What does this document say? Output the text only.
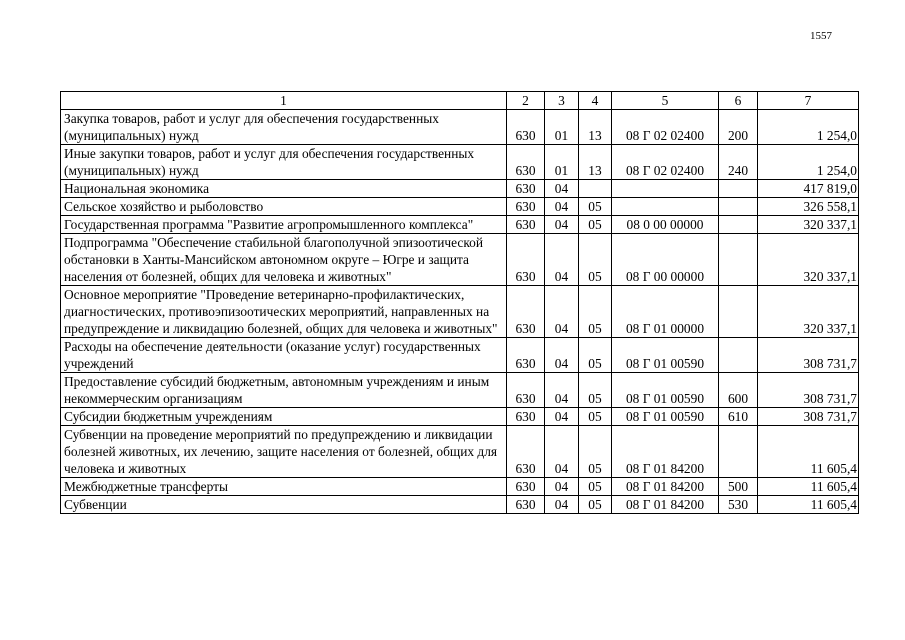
1557
1	2	3	4	5	6	7
Закупка товаров, работ и услуг для обеспечения государственных (муниципальных) нужд	630	01	13	08 Г 02 02400	200	1 254,0
Иные закупки товаров, работ и услуг для обеспечения государственных (муниципальных) нужд	630	01	13	08 Г 02 02400	240	1 254,0
Национальная экономика	630	04				417 819,0
Сельское хозяйство и рыболовство	630	04	05			326 558,1
Государственная программа "Развитие агропромышленного комплекса"	630	04	05	08 0 00 00000		320 337,1
Подпрограмма "Обеспечение стабильной благополучной эпизоотической обстановки в Ханты-Мансийском автономном округе – Югре и защита населения от болезней, общих для человека и животных"	630	04	05	08 Г 00 00000		320 337,1
Основное мероприятие "Проведение ветеринарно-профилактических, диагностических, противоэпизоотических мероприятий, направленных на предупреждение и ликвидацию болезней, общих для человека и животных"	630	04	05	08 Г 01 00000		320 337,1
Расходы на обеспечение деятельности (оказание услуг) государственных учреждений	630	04	05	08 Г 01 00590		308 731,7
Предоставление субсидий бюджетным, автономным учреждениям и иным некоммерческим организациям	630	04	05	08 Г 01 00590	600	308 731,7
Субсидии бюджетным учреждениям	630	04	05	08 Г 01 00590	610	308 731,7
Субвенции на проведение мероприятий по предупреждению и ликвидации болезней животных, их лечению, защите населения от болезней, общих для человека и животных	630	04	05	08 Г 01 84200		11 605,4
Межбюджетные трансферты	630	04	05	08 Г 01 84200	500	11 605,4
Субвенции	630	04	05	08 Г 01 84200	530	11 605,4
